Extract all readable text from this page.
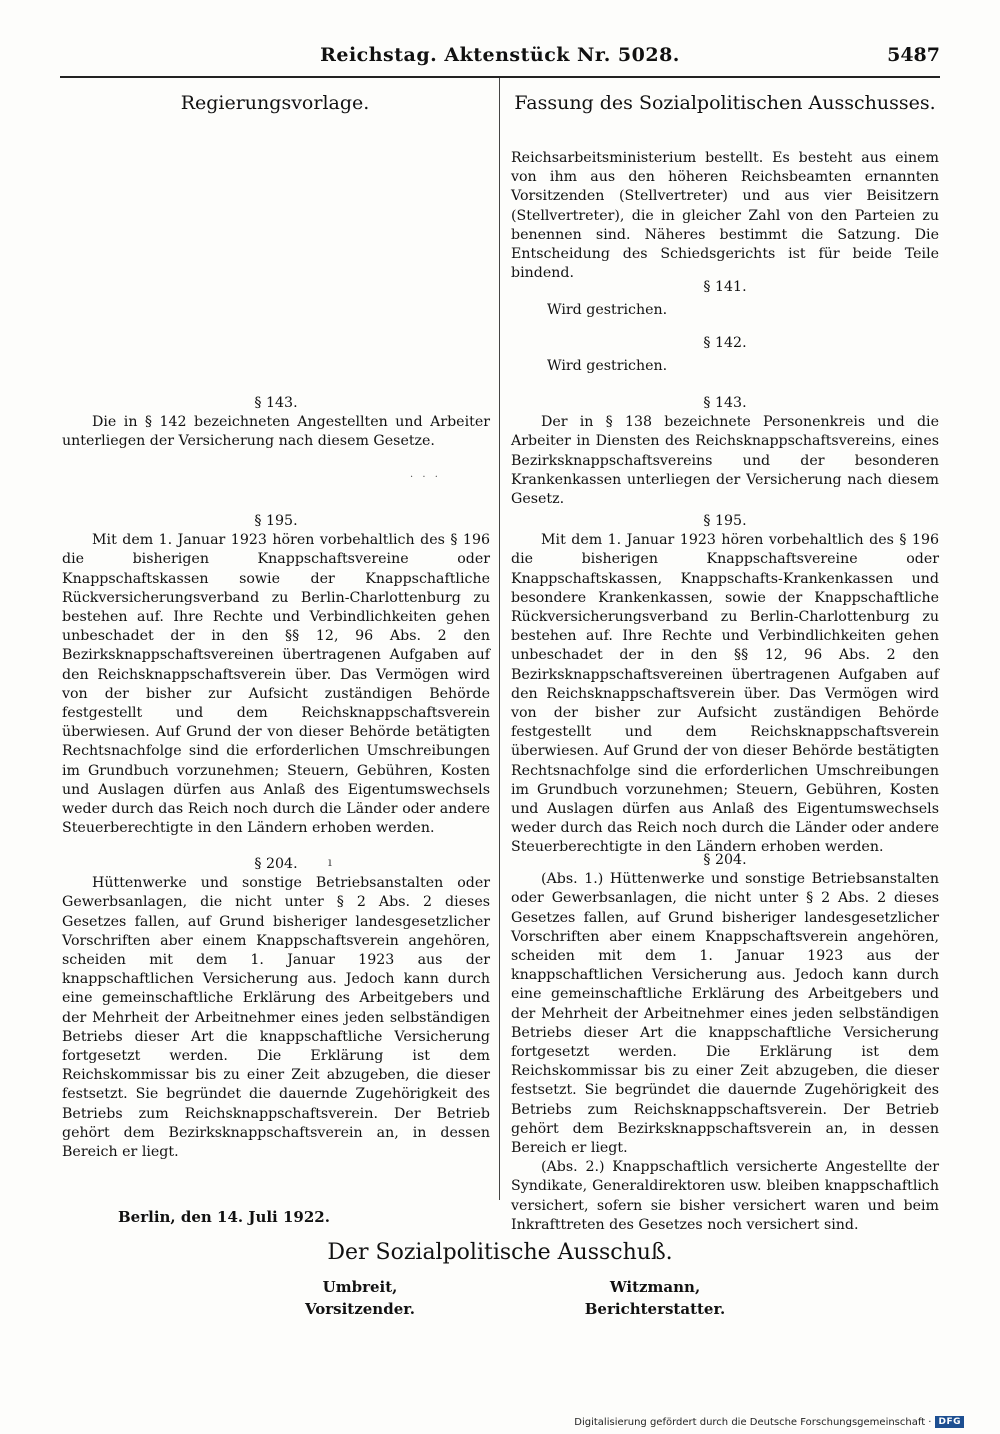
Reichstag. Aktenstück Nr. 5028.	5487
Regierungsvorlage.	Fassung des Sozialpolitischen Ausschusses.

§ 143.

Die in § 142 bezeichneten Angestellten und Arbeiter unterliegen der Versicherung nach diesem Gesetze.

· · ·

§ 195.

Mit dem 1. Januar 1923 hören vorbehaltlich des § 196 die bisherigen Knappschaftsvereine oder Knappschaftskassen sowie der Knappschaftliche Rückversicherungsverband zu Berlin-Charlottenburg zu bestehen auf. Ihre Rechte und Verbindlichkeiten gehen unbeschadet der in den §§ 12, 96 Abs. 2 den Bezirksknappschaftsvereinen übertragenen Aufgaben auf den Reichsknappschaftsverein über. Das Vermögen wird von der bisher zur Aufsicht zuständigen Behörde festgestellt und dem Reichsknappschaftsverein überwiesen. Auf Grund der von dieser Behörde betätigten Rechtsnachfolge sind die erforderlichen Umschreibungen im Grundbuch vorzunehmen; Steuern, Gebühren, Kosten und Auslagen dürfen aus Anlaß des Eigentumswechsels weder durch das Reich noch durch die Länder oder andere Steuerberechtigte in den Ländern erhoben werden.

§ 204.

Hüttenwerke und sonstige Betriebsanstalten oder Gewerbsanlagen, die nicht unter § 2 Abs. 2 dieses Gesetzes fallen, auf Grund bisheriger landesgesetzlicher Vorschriften aber einem Knappschaftsverein angehören, scheiden mit dem 1. Januar 1923 aus der knappschaftlichen Versicherung aus. Jedoch kann durch eine gemeinschaftliche Erklärung des Arbeitgebers und der Mehrheit der Arbeitnehmer eines jeden selbständigen Betriebs dieser Art die knappschaftliche Versicherung fortgesetzt werden. Die Erklärung ist dem Reichskommissar bis zu einer Zeit abzugeben, die dieser festsetzt. Sie begründet die dauernde Zugehörigkeit des Betriebs zum Reichsknappschaftsverein. Der Betrieb gehört dem Bezirksknappschaftsverein an, in dessen Bereich er liegt.

ı

Reichsarbeitsministerium bestellt. Es besteht aus einem von ihm aus den höheren Reichsbeamten ernannten Vorsitzenden (Stellvertreter) und aus vier Beisitzern (Stellvertreter), die in gleicher Zahl von den Parteien zu benennen sind. Näheres bestimmt die Satzung. Die Entscheidung des Schiedsgerichts ist für beide Teile bindend.

§ 141.

Wird gestrichen.

§ 142.

Wird gestrichen.

§ 143.

Der in § 138 bezeichnete Personenkreis und die Arbeiter in Diensten des Reichsknappschaftsvereins, eines Bezirksknappschaftsvereins und der besonderen Krankenkassen unterliegen der Versicherung nach diesem Gesetz.

§ 195.

Mit dem 1. Januar 1923 hören vorbehaltlich des § 196 die bisherigen Knappschaftsvereine oder Knappschaftskassen, Knappschafts-Krankenkassen und besondere Krankenkassen, sowie der Knappschaftliche Rückversicherungsverband zu Berlin-Charlottenburg zu bestehen auf. Ihre Rechte und Verbindlichkeiten gehen unbeschadet der in den §§ 12, 96 Abs. 2 den Bezirksknappschaftsvereinen übertragenen Aufgaben auf den Reichsknappschaftsverein über. Das Vermögen wird von der bisher zur Aufsicht zuständigen Behörde festgestellt und dem Reichsknappschaftsverein überwiesen. Auf Grund der von dieser Behörde bestätigten Rechtsnachfolge sind die erforderlichen Umschreibungen im Grundbuch vorzunehmen; Steuern, Gebühren, Kosten und Auslagen dürfen aus Anlaß des Eigentumswechsels weder durch das Reich noch durch die Länder oder andere Steuerberechtigte in den Ländern erhoben werden.

§ 204.

(Abs. 1.) Hüttenwerke und sonstige Betriebsanstalten oder Gewerbsanlagen, die nicht unter § 2 Abs. 2 dieses Gesetzes fallen, auf Grund bisheriger landesgesetzlicher Vorschriften aber einem Knappschaftsverein angehören, scheiden mit dem 1. Januar 1923 aus der knappschaftlichen Versicherung aus. Jedoch kann durch eine gemeinschaftliche Erklärung des Arbeitgebers und der Mehrheit der Arbeitnehmer eines jeden selbständigen Betriebs dieser Art die knappschaftliche Versicherung fortgesetzt werden. Die Erklärung ist dem Reichskommissar bis zu einer Zeit abzugeben, die dieser festsetzt. Sie begründet die dauernde Zugehörigkeit des Betriebs zum Reichsknappschaftsverein. Der Betrieb gehört dem Bezirksknappschaftsverein an, in dessen Bereich er liegt.

(Abs. 2.) Knappschaftlich versicherte Angestellte der Syndikate, Generaldirektoren usw. bleiben knappschaftlich versichert, sofern sie bisher versichert waren und beim Inkrafttreten des Gesetzes noch versichert sind.

Berlin, den 14. Juli 1922.
Der Sozialpolitische Ausschuß.
Umbreit,
Vorsitzender.
Witzmann,
Berichterstatter.
Digitalisierung gefördert durch die Deutsche Forschungsgemeinschaft · DFG
